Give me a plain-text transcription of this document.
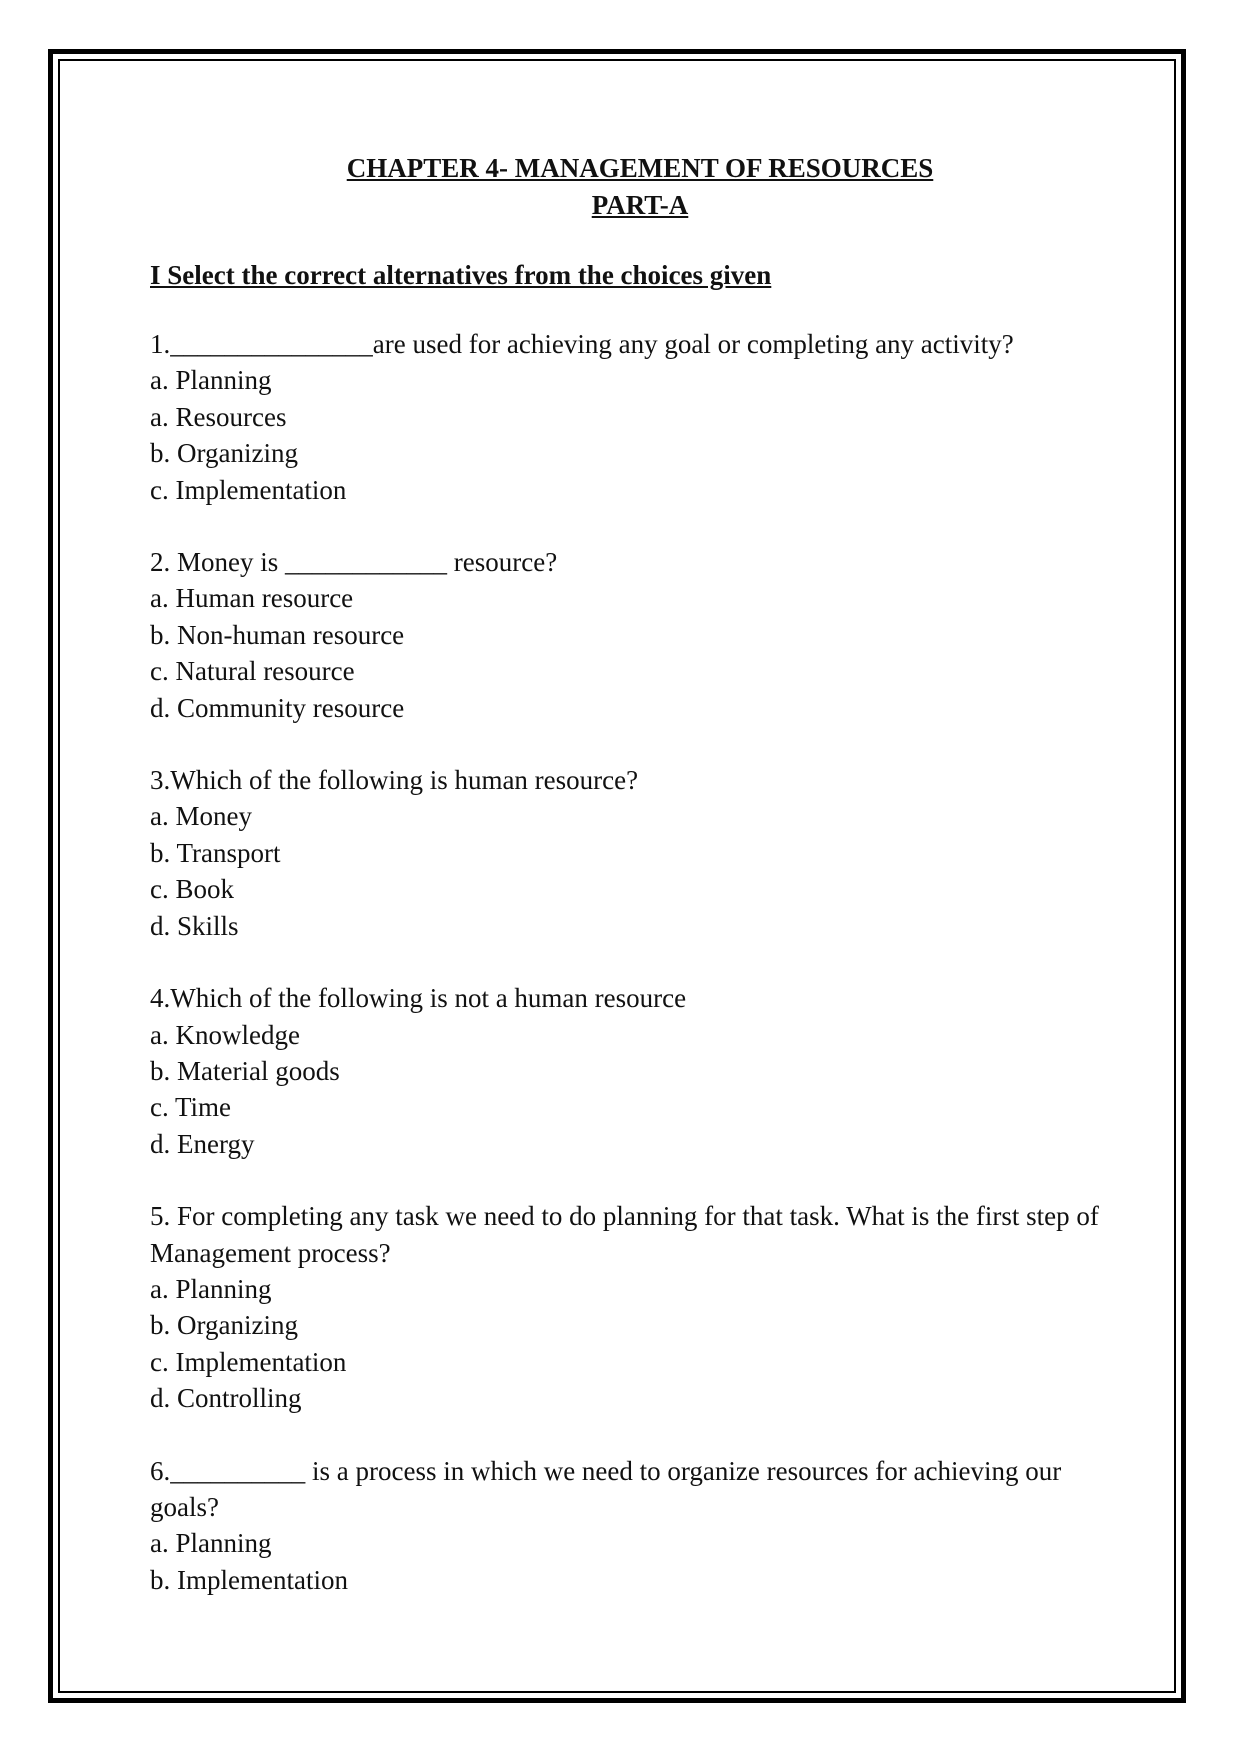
CHAPTER 4- MANAGEMENT OF RESOURCES
PART-A
I Select the correct alternatives from the choices given

1._______________are used for achieving any goal or completing any activity?

a. Planning

a. Resources

b. Organizing

c. Implementation

2. Money is ____________ resource?

a. Human resource

b. Non-human resource

c. Natural resource

d. Community resource

3.Which of the following is human resource?

a. Money

b. Transport

c. Book

d. Skills

4.Which of the following is not a human resource

a. Knowledge

b. Material goods

c. Time

d. Energy

5. For completing any task we need to do planning for that task. What is the first step of Management process?

a. Planning

b. Organizing

c. Implementation

d. Controlling

6.__________ is a process in which we need to organize resources for achieving our goals?

a. Planning

b. Implementation
